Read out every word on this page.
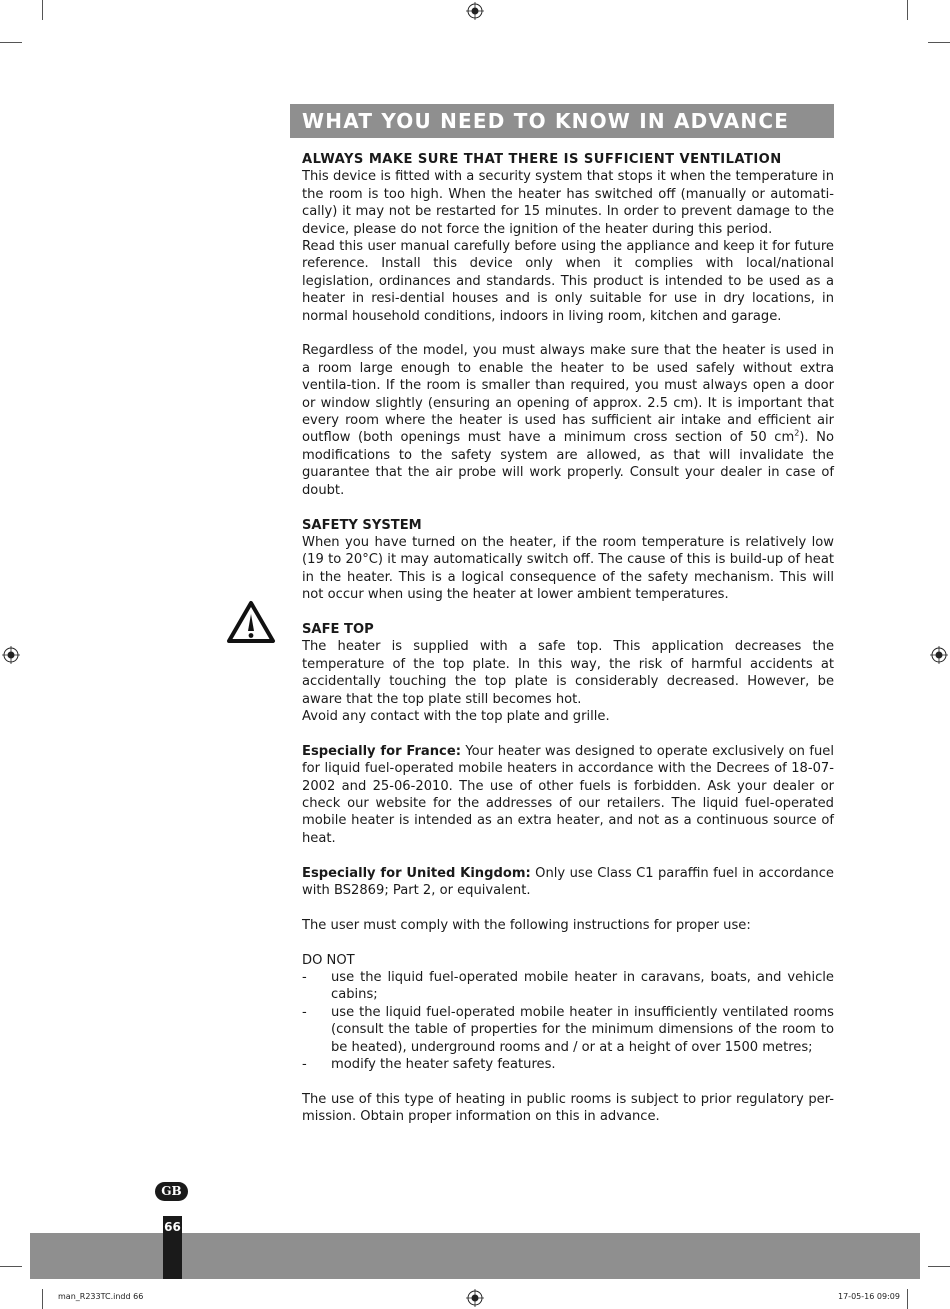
WHAT YOU NEED TO KNOW IN ADVANCE

ALWAYS MAKE SURE THAT THERE IS SUFFICIENT VENTILATION

This device is fitted with a security system that stops it when the temperature in the room is too high. When the heater has switched off (manually or automati-cally) it may not be restarted for 15 minutes. In order to prevent damage to the device, please do not force the ignition of the heater during this period.

Read this user manual carefully before using the appliance and keep it for future reference. Install this device only when it complies with local/national legislation, ordinances and standards. This product is intended to be used as a heater in resi-dential houses and is only suitable for use in dry locations, in normal household conditions, indoors in living room, kitchen and garage.

Regardless of the model, you must always make sure that the heater is used in a room large enough to enable the heater to be used safely without extra ventila-tion. If the room is smaller than required, you must always open a door or window slightly (ensuring an opening of approx. 2.5 cm). It is important that every room where the heater is used has sufficient air intake and efficient air outflow (both openings must have a minimum cross section of 50 $cm^2$). No modifications to the safety system are allowed, as that will invalidate the guarantee that the air probe will work properly. Consult your dealer in case of doubt.

SAFETY SYSTEM

When you have turned on the heater, if the room temperature is relatively low (19 to 20°C) it may automatically switch off. The cause of this is build-up of heat in the heater. This is a logical consequence of the safety mechanism. This will not occur when using the heater at lower ambient temperatures.

SAFE TOP

The heater is supplied with a safe top. This application decreases the temperature of the top plate. In this way, the risk of harmful accidents at accidentally touching the top plate is considerably decreased. However, be aware that the top plate still becomes hot.

Avoid any contact with the top plate and grille.

Especially for France: Your heater was designed to operate exclusively on fuel for liquid fuel-operated mobile heaters in accordance with the Decrees of 18-07-2002 and 25-06-2010. The use of other fuels is forbidden. Ask your dealer or check our website for the addresses of our retailers. The liquid fuel-operated mobile heater is intended as an extra heater, and not as a continuous source of heat.

Especially for United Kingdom: Only use Class C1 paraffin fuel in accordance with BS2869; Part 2, or equivalent.

The user must comply with the following instructions for proper use:

DO NOT

-	use the liquid fuel-operated mobile heater in caravans, boats, and vehicle cabins;
-	use the liquid fuel-operated mobile heater in insufficiently ventilated rooms (consult the table of properties for the minimum dimensions of the room to be heated), underground rooms and / or at a height of over 1500 metres;
-	modify the heater safety features.

The use of this type of heating in public rooms is subject to prior regulatory per-mission. Obtain proper information on this in advance.

GB
66
man_R233TC.indd 66	17-05-16 09:09
